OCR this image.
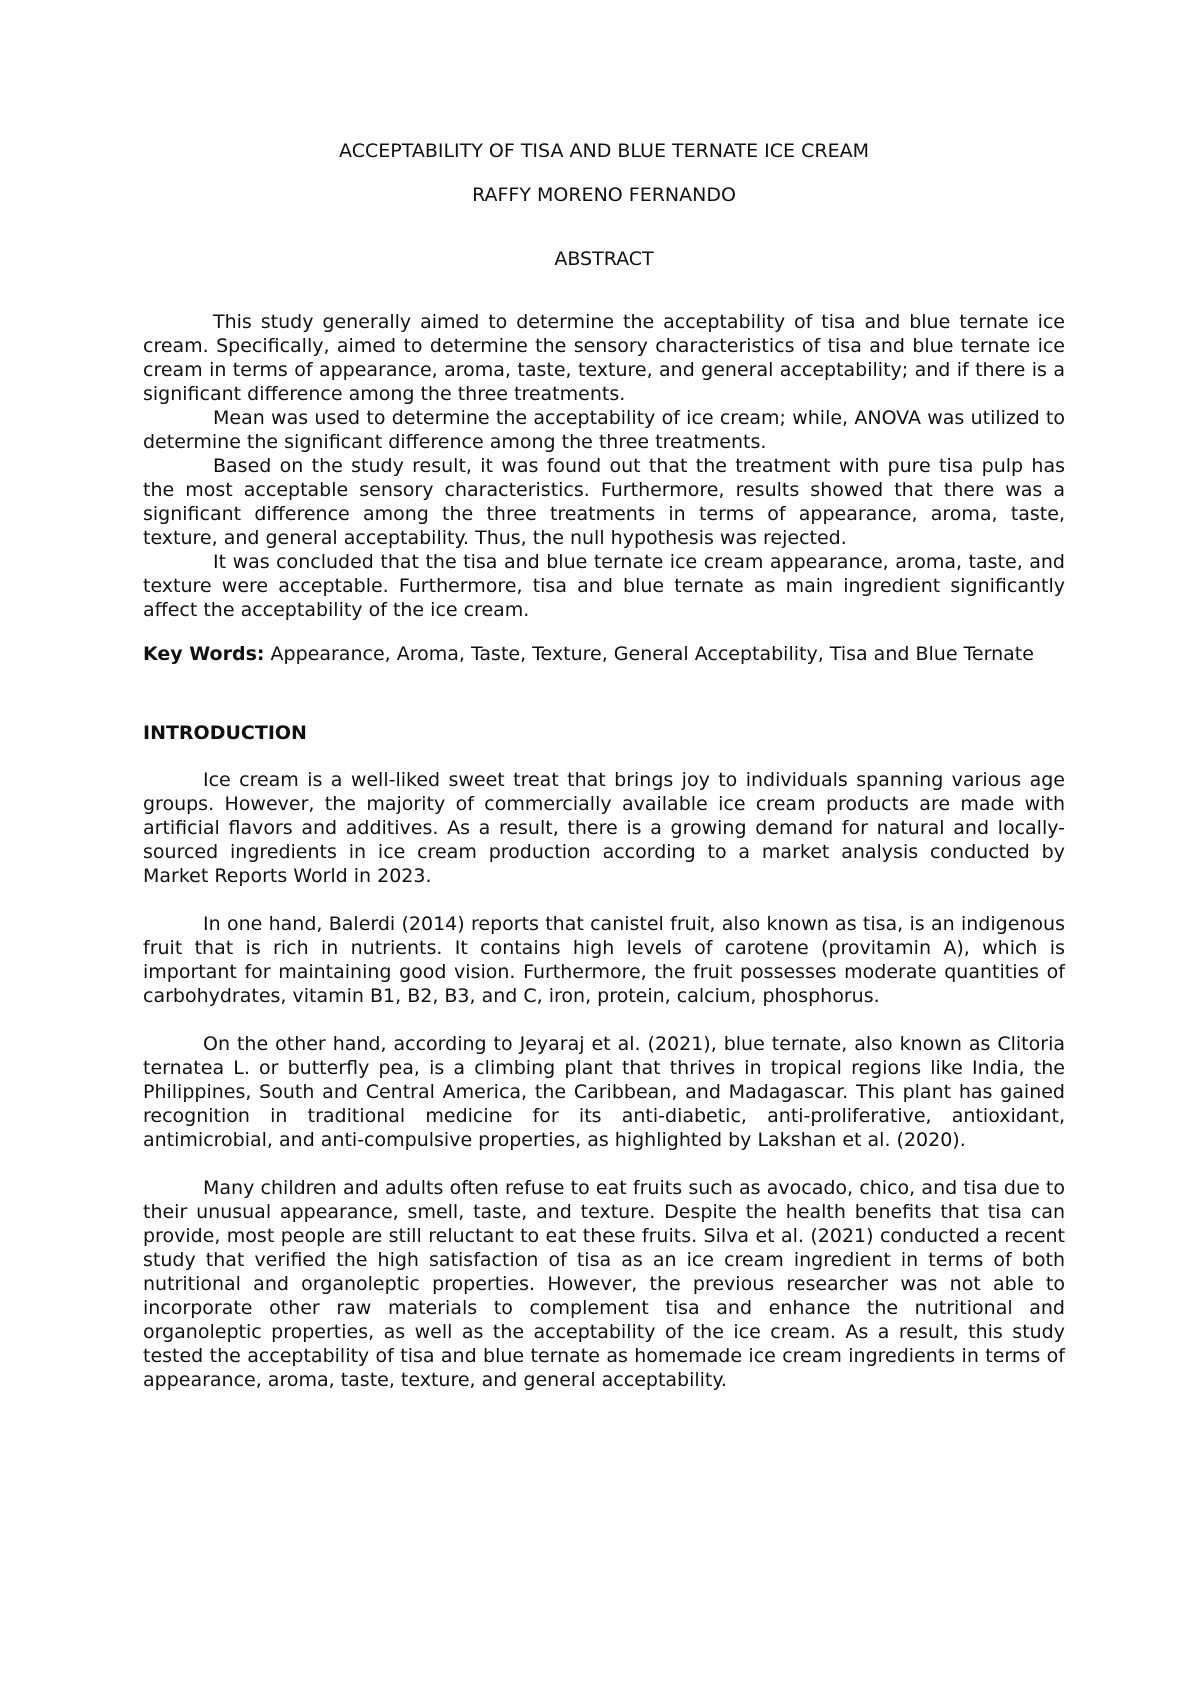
ACCEPTABILITY OF TISA AND BLUE TERNATE ICE CREAM
RAFFY MORENO FERNANDO
ABSTRACT

This study generally aimed to determine the acceptability of tisa and blue ternate ice cream. Specifically, aimed to determine the sensory characteristics of tisa and blue ternate ice cream in terms of appearance, aroma, taste, texture, and general acceptability; and if there is a significant difference among the three treatments.

Mean was used to determine the acceptability of ice cream; while, ANOVA was utilized to determine the significant difference among the three treatments.

Based on the study result, it was found out that the treatment with pure tisa pulp has the most acceptable sensory characteristics. Furthermore, results showed that there was a significant difference among the three treatments in terms of appearance, aroma, taste, texture, and general acceptability. Thus, the null hypothesis was rejected.

It was concluded that the tisa and blue ternate ice cream appearance, aroma, taste, and texture were acceptable. Furthermore, tisa and blue ternate as main ingredient significantly affect the acceptability of the ice cream.

Key Words: Appearance, Aroma, Taste, Texture, General Acceptability, Tisa and Blue Ternate

INTRODUCTION

Ice cream is a well-liked sweet treat that brings joy to individuals spanning various age groups. However, the majority of commercially available ice cream products are made with artificial flavors and additives. As a result, there is a growing demand for natural and locally-sourced ingredients in ice cream production according to a market analysis conducted by Market Reports World in 2023.

In one hand, Balerdi (2014) reports that canistel fruit, also known as tisa, is an indigenous fruit that is rich in nutrients. It contains high levels of carotene (provitamin A), which is important for maintaining good vision. Furthermore, the fruit possesses moderate quantities of carbohydrates, vitamin B1, B2, B3, and C, iron, protein, calcium, phosphorus.

On the other hand, according to Jeyaraj et al. (2021), blue ternate, also known as Clitoria ternatea L. or butterfly pea, is a climbing plant that thrives in tropical regions like India, the Philippines, South and Central America, the Caribbean, and Madagascar. This plant has gained recognition in traditional medicine for its anti-diabetic, anti-proliferative, antioxidant, antimicrobial, and anti-compulsive properties, as highlighted by Lakshan et al. (2020).

Many children and adults often refuse to eat fruits such as avocado, chico, and tisa due to their unusual appearance, smell, taste, and texture. Despite the health benefits that tisa can provide, most people are still reluctant to eat these fruits. Silva et al. (2021) conducted a recent study that verified the high satisfaction of tisa as an ice cream ingredient in terms of both nutritional and organoleptic properties. However, the previous researcher was not able to incorporate other raw materials to complement tisa and enhance the nutritional and organoleptic properties, as well as the acceptability of the ice cream. As a result, this study tested the acceptability of tisa and blue ternate as homemade ice cream ingredients in terms of appearance, aroma, taste, texture, and general acceptability.
